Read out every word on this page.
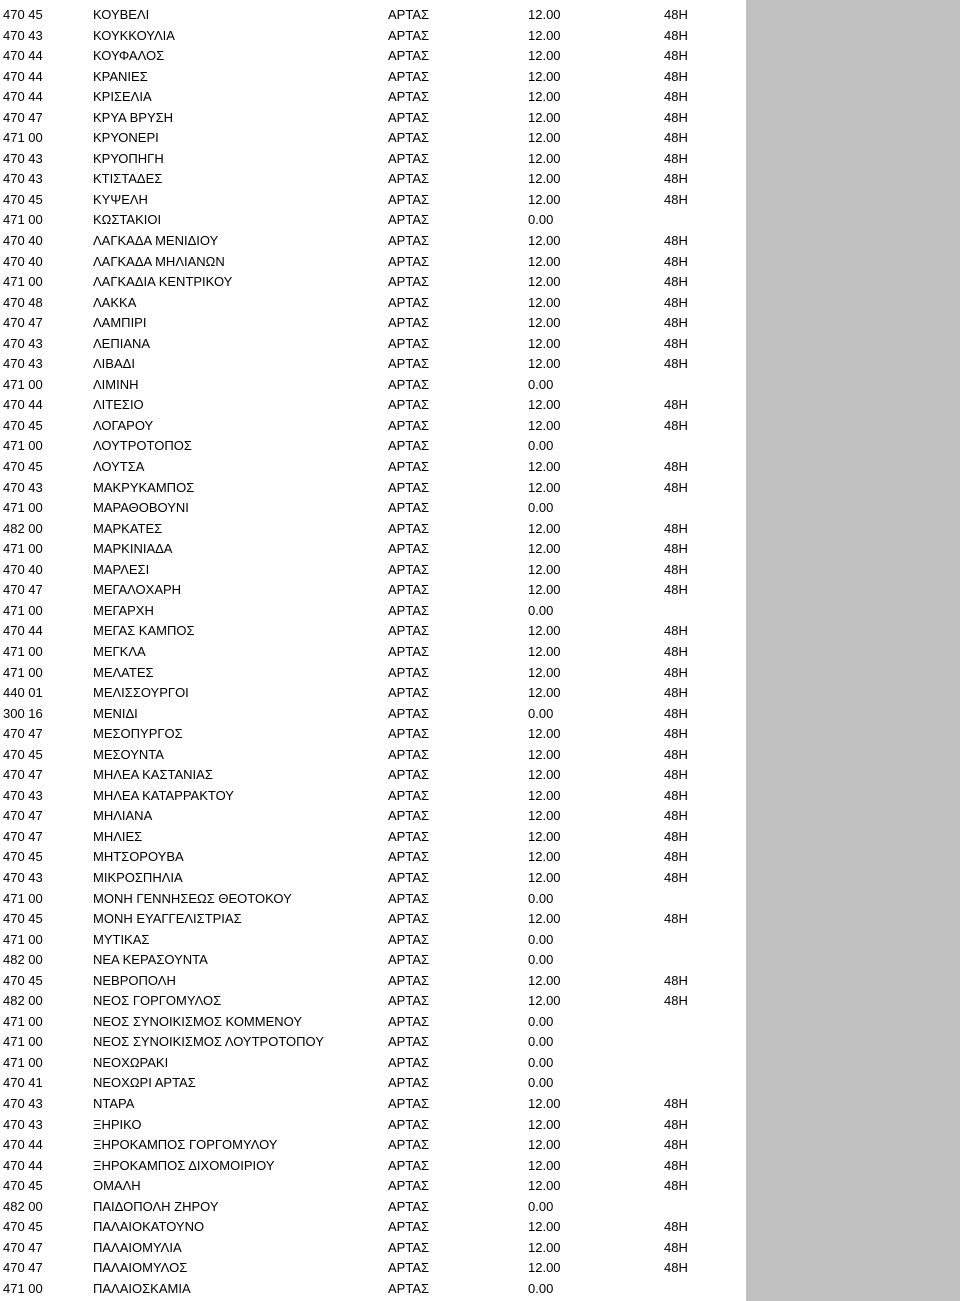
470 45	ΚΟΥΒΕΛΙ	ΑΡΤΑΣ	12.00	48H
470 43	ΚΟΥΚΚΟΥΛΙΑ	ΑΡΤΑΣ	12.00	48H
470 44	ΚΟΥΦΑΛΟΣ	ΑΡΤΑΣ	12.00	48H
470 44	ΚΡΑΝΙΕΣ	ΑΡΤΑΣ	12.00	48H
470 44	ΚΡΙΣΕΛΙΑ	ΑΡΤΑΣ	12.00	48H
470 47	ΚΡΥΑ ΒΡΥΣΗ	ΑΡΤΑΣ	12.00	48H
471 00	ΚΡΥΟΝΕΡΙ	ΑΡΤΑΣ	12.00	48H
470 43	ΚΡΥΟΠΗΓΗ	ΑΡΤΑΣ	12.00	48H
470 43	ΚΤΙΣΤΑΔΕΣ	ΑΡΤΑΣ	12.00	48H
470 45	ΚΥΨΕΛΗ	ΑΡΤΑΣ	12.00	48H
471 00	ΚΩΣΤΑΚΙΟΙ	ΑΡΤΑΣ	0.00
470 40	ΛΑΓΚΑΔΑ ΜΕΝΙΔΙΟΥ	ΑΡΤΑΣ	12.00	48H
470 40	ΛΑΓΚΑΔΑ ΜΗΛΙΑΝΩΝ	ΑΡΤΑΣ	12.00	48H
471 00	ΛΑΓΚΑΔΙΑ ΚΕΝΤΡΙΚΟΥ	ΑΡΤΑΣ	12.00	48H
470 48	ΛΑΚΚΑ	ΑΡΤΑΣ	12.00	48H
470 47	ΛΑΜΠΙΡΙ	ΑΡΤΑΣ	12.00	48H
470 43	ΛΕΠΙΑΝΑ	ΑΡΤΑΣ	12.00	48H
470 43	ΛΙΒΑΔΙ	ΑΡΤΑΣ	12.00	48H
471 00	ΛΙΜΙΝΗ	ΑΡΤΑΣ	0.00
470 44	ΛΙΤΕΣΙΟ	ΑΡΤΑΣ	12.00	48H
470 45	ΛΟΓΑΡΟΥ	ΑΡΤΑΣ	12.00	48H
471 00	ΛΟΥΤΡΟΤΟΠΟΣ	ΑΡΤΑΣ	0.00
470 45	ΛΟΥΤΣΑ	ΑΡΤΑΣ	12.00	48H
470 43	ΜΑΚΡΥΚΑΜΠΟΣ	ΑΡΤΑΣ	12.00	48H
471 00	ΜΑΡΑΘΟΒΟΥΝΙ	ΑΡΤΑΣ	0.00
482 00	ΜΑΡΚΑΤΕΣ	ΑΡΤΑΣ	12.00	48H
471 00	ΜΑΡΚΙΝΙΑΔΑ	ΑΡΤΑΣ	12.00	48H
470 40	ΜΑΡΛΕΣΙ	ΑΡΤΑΣ	12.00	48H
470 47	ΜΕΓΑΛΟΧΑΡΗ	ΑΡΤΑΣ	12.00	48H
471 00	ΜΕΓΑΡΧΗ	ΑΡΤΑΣ	0.00
470 44	ΜΕΓΑΣ ΚΑΜΠΟΣ	ΑΡΤΑΣ	12.00	48H
471 00	ΜΕΓΚΛΑ	ΑΡΤΑΣ	12.00	48H
471 00	ΜΕΛΑΤΕΣ	ΑΡΤΑΣ	12.00	48H
440 01	ΜΕΛΙΣΣΟΥΡΓΟΙ	ΑΡΤΑΣ	12.00	48H
300 16	ΜΕΝΙΔΙ	ΑΡΤΑΣ	0.00	48H
470 47	ΜΕΣΟΠΥΡΓΟΣ	ΑΡΤΑΣ	12.00	48H
470 45	ΜΕΣΟΥΝΤΑ	ΑΡΤΑΣ	12.00	48H
470 47	ΜΗΛΕΑ ΚΑΣΤΑΝΙΑΣ	ΑΡΤΑΣ	12.00	48H
470 43	ΜΗΛΕΑ ΚΑΤΑΡΡΑΚΤΟΥ	ΑΡΤΑΣ	12.00	48H
470 47	ΜΗΛΙΑΝΑ	ΑΡΤΑΣ	12.00	48H
470 47	ΜΗΛΙΕΣ	ΑΡΤΑΣ	12.00	48H
470 45	ΜΗΤΣΟΡΟΥΒΑ	ΑΡΤΑΣ	12.00	48H
470 43	ΜΙΚΡΟΣΠΗΛΙΑ	ΑΡΤΑΣ	12.00	48H
471 00	ΜΟΝΗ ΓΕΝΝΗΣΕΩΣ ΘΕΟΤΟΚΟΥ	ΑΡΤΑΣ	0.00
470 45	ΜΟΝΗ ΕΥΑΓΓΕΛΙΣΤΡΙΑΣ	ΑΡΤΑΣ	12.00	48H
471 00	ΜΥΤΙΚΑΣ	ΑΡΤΑΣ	0.00
482 00	ΝΕΑ ΚΕΡΑΣΟΥΝΤΑ	ΑΡΤΑΣ	0.00
470 45	ΝΕΒΡΟΠΟΛΗ	ΑΡΤΑΣ	12.00	48H
482 00	ΝΕΟΣ ΓΟΡΓΟΜΥΛΟΣ	ΑΡΤΑΣ	12.00	48H
471 00	ΝΕΟΣ ΣΥΝΟΙΚΙΣΜΟΣ ΚΟΜΜΕΝΟΥ	ΑΡΤΑΣ	0.00
471 00	ΝΕΟΣ ΣΥΝΟΙΚΙΣΜΟΣ ΛΟΥΤΡΟΤΟΠΟΥ	ΑΡΤΑΣ	0.00
471 00	ΝΕΟΧΩΡΑΚΙ	ΑΡΤΑΣ	0.00
470 41	ΝΕΟΧΩΡΙ ΑΡΤΑΣ	ΑΡΤΑΣ	0.00
470 43	ΝΤΑΡΑ	ΑΡΤΑΣ	12.00	48H
470 43	ΞΗΡΙΚΟ	ΑΡΤΑΣ	12.00	48H
470 44	ΞΗΡΟΚΑΜΠΟΣ ΓΟΡΓΟΜΥΛΟΥ	ΑΡΤΑΣ	12.00	48H
470 44	ΞΗΡΟΚΑΜΠΟΣ ΔΙΧΟΜΟΙΡΙΟΥ	ΑΡΤΑΣ	12.00	48H
470 45	ΟΜΑΛΗ	ΑΡΤΑΣ	12.00	48H
482 00	ΠΑΙΔΟΠΟΛΗ ΖΗΡΟΥ	ΑΡΤΑΣ	0.00
470 45	ΠΑΛΑΙΟΚΑΤΟΥΝΟ	ΑΡΤΑΣ	12.00	48H
470 47	ΠΑΛΑΙΟΜΥΛΙΑ	ΑΡΤΑΣ	12.00	48H
470 47	ΠΑΛΑΙΟΜΥΛΟΣ	ΑΡΤΑΣ	12.00	48H
471 00	ΠΑΛΑΙΟΣΚΑΜΙΑ	ΑΡΤΑΣ	0.00
